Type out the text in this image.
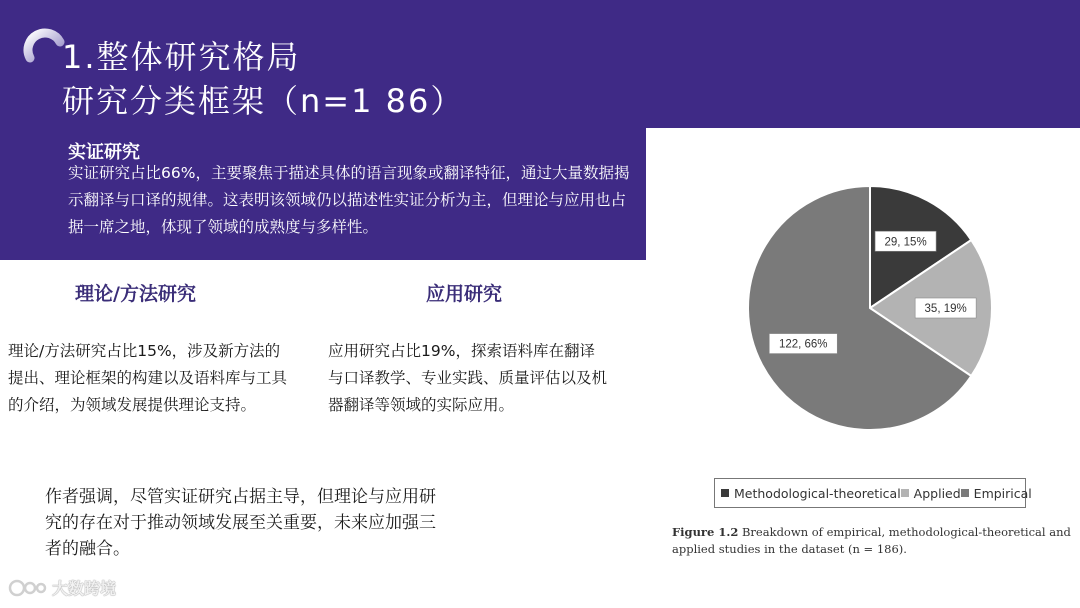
1.整体研究格局
研究分类框架（n=1 86）
实证研究
实证研究占比66%，主要聚焦于描述具体的语言现象或翻译特征，通过大量数据揭示翻译与口译的规律。这表明该领域仍以描述性实证分析为主，但理论与应用也占据一席之地，体现了领域的成熟度与多样性。
理论/方法研究
理论/方法研究占比15%，涉及新方法的提出、理论框架的构建以及语料库与工具的介绍，为领域发展提供理论支持。
应用研究
应用研究占比19%，探索语料库在翻译与口译教学、专业实践、质量评估以及机器翻译等领域的实际应用。
作者强调，尽管实证研究占据主导，但理论与应用研究的存在对于推动领域发展至关重要，未来应加强三者的融合。
大数跨境
29, 15%
35, 19%
122, 66%
Methodological-theoretical Applied Empirical
Figure 1.2 Breakdown of empirical, methodological-theoretical and applied studies in the dataset (n = 186).
